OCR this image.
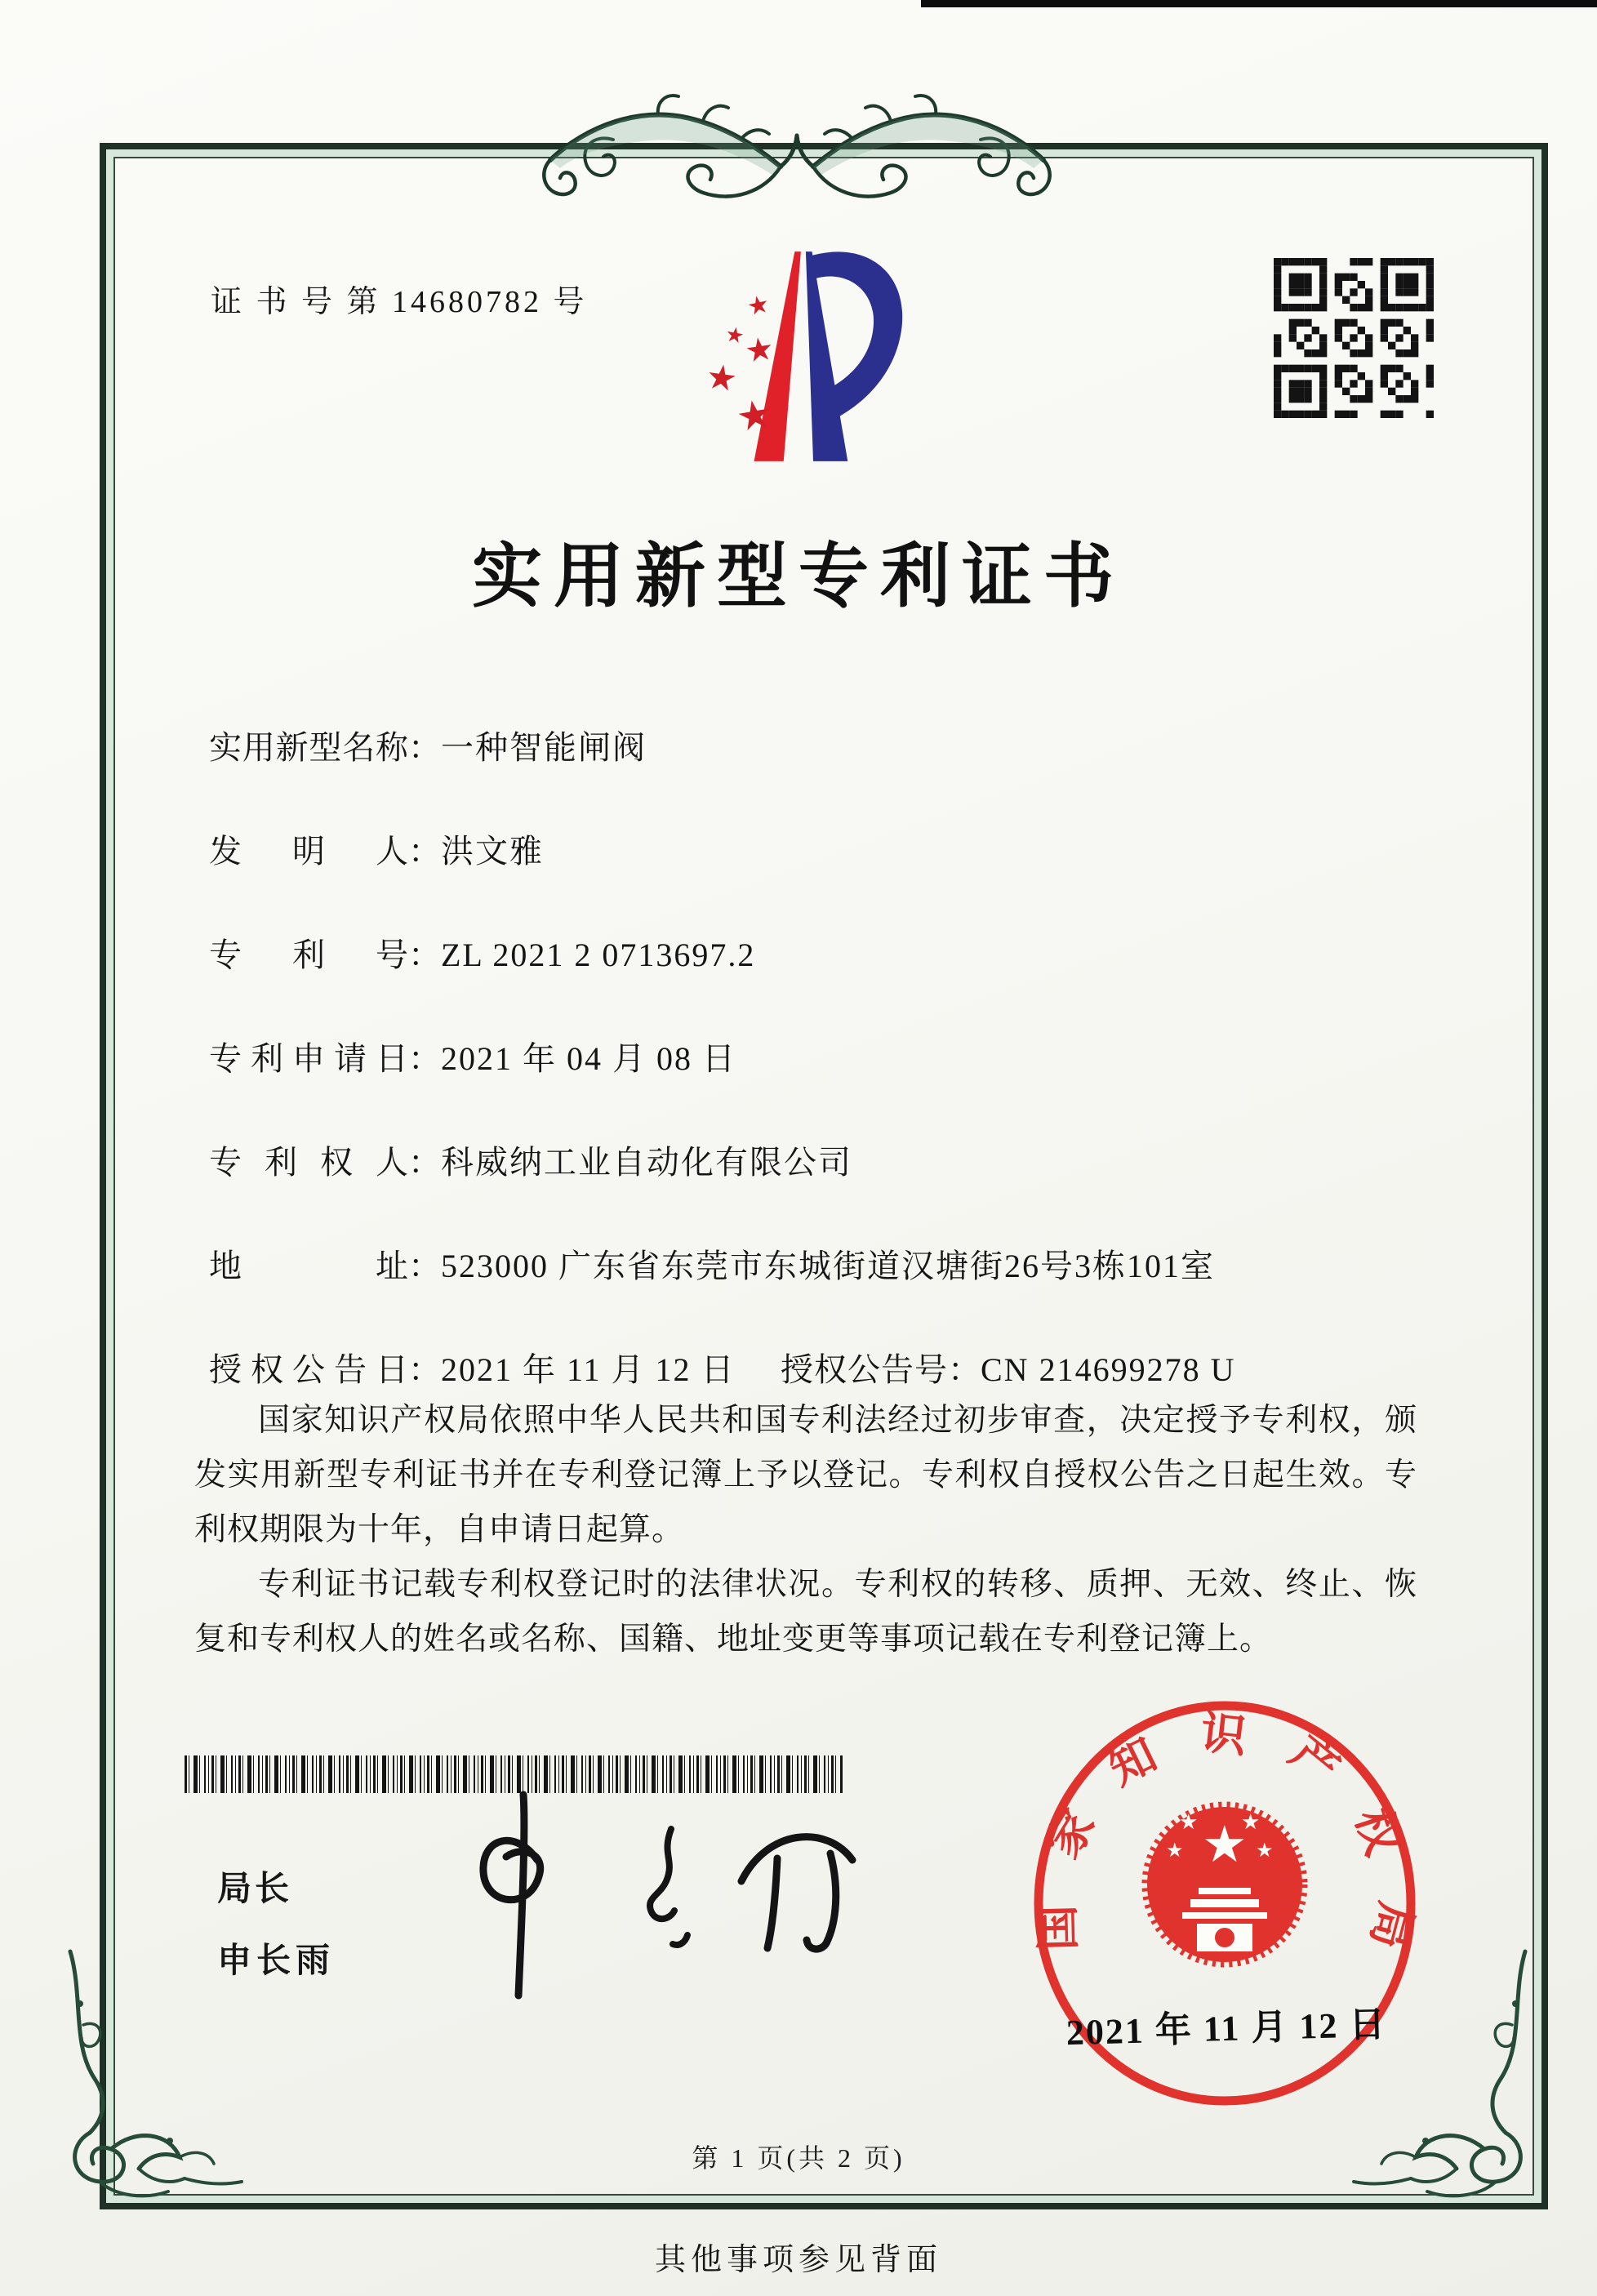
证 书 号 第 14680782 号	★
★
★
★
★
实用新型专利证书
实用新型名称：一种智能闸阀
发明人：洪文雅
专利号：ZL 2021 2 0713697.2
专利申请日：2021 年 04 月 08 日
专利权人：科威纳工业自动化有限公司
地址：523000 广东省东莞市东城街道汉塘街26号3栋101室
授权公告日：2021 年 11 月 12 日 授权公告号：CN 214699278 U

国家知识产权局依照中华人民共和国专利法经过初步审查，决定授予专利权，颁发实用新型专利证书并在专利登记簿上予以登记。专利权自授权公告之日起生效。专利权期限为十年，自申请日起算。

专利证书记载专利权登记时的法律状况。专利权的转移、质押、无效、终止、恢复和专利权人的姓名或名称、国籍、地址变更等事项记载在专利登记簿上。

局长
申长雨
国家知识产权局
★
★ ★
★	★
2021 年 11 月 12 日
第 1 页(共 2 页)
其他事项参见背面
